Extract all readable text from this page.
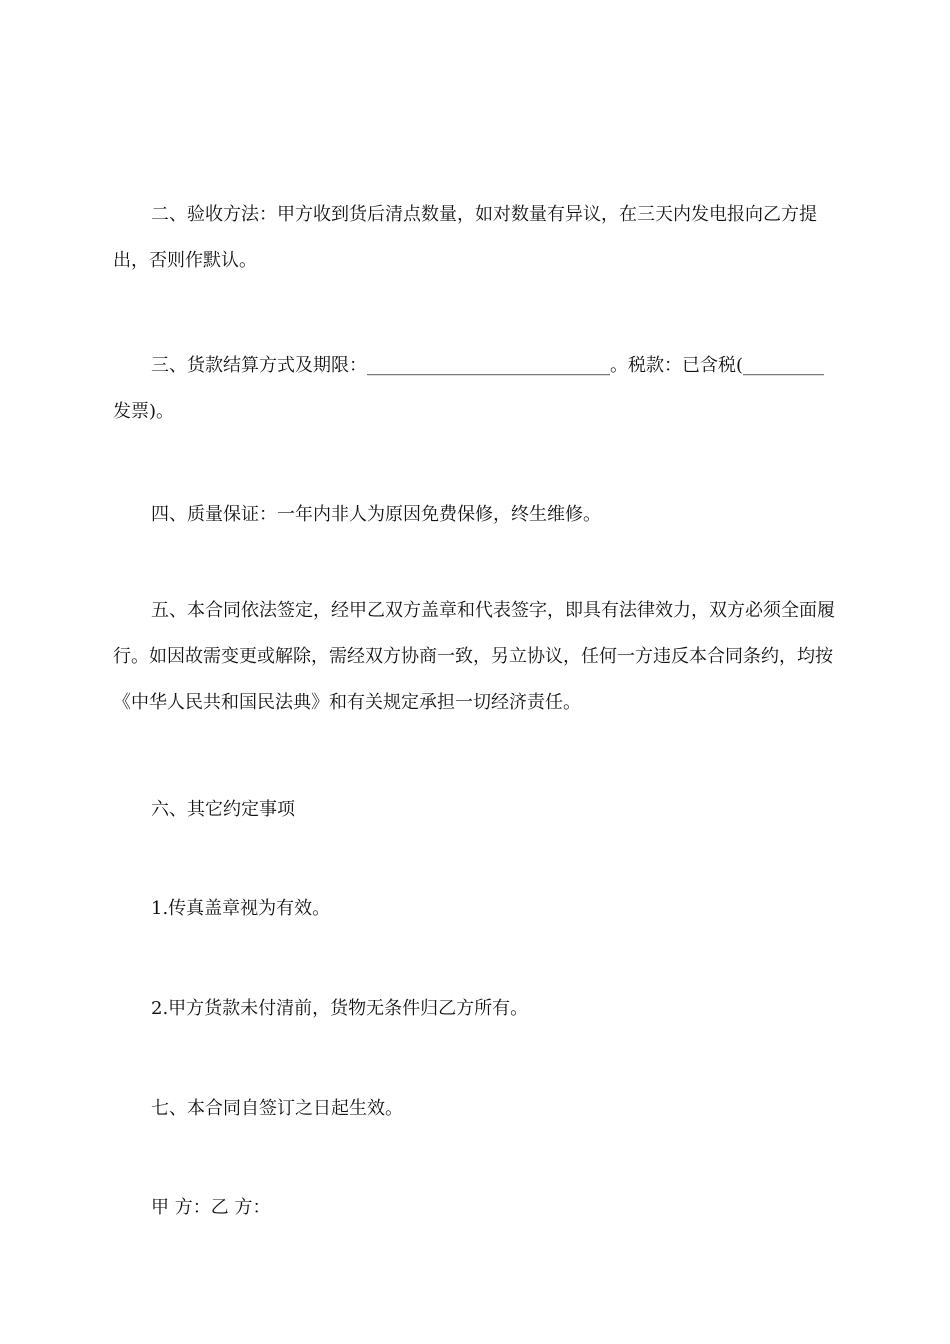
二、验收方法：甲方收到货后清点数量，如对数量有异议，在三天内发电报向乙方提出，否则作默认。

三、货款结算方式及期限：___________________________。税款：已含税(_________发票)。

四、质量保证：一年内非人为原因免费保修，终生维修。

五、本合同依法签定，经甲乙双方盖章和代表签字，即具有法律效力，双方必须全面履行。如因故需变更或解除，需经双方协商一致，另立协议，任何一方违反本合同条约，均按《中华人民共和国民法典》和有关规定承担一切经济责任。

六、其它约定事项

1.传真盖章视为有效。

2.甲方货款未付清前，货物无条件归乙方所有。

七、本合同自签订之日起生效。

甲 方：乙 方：
